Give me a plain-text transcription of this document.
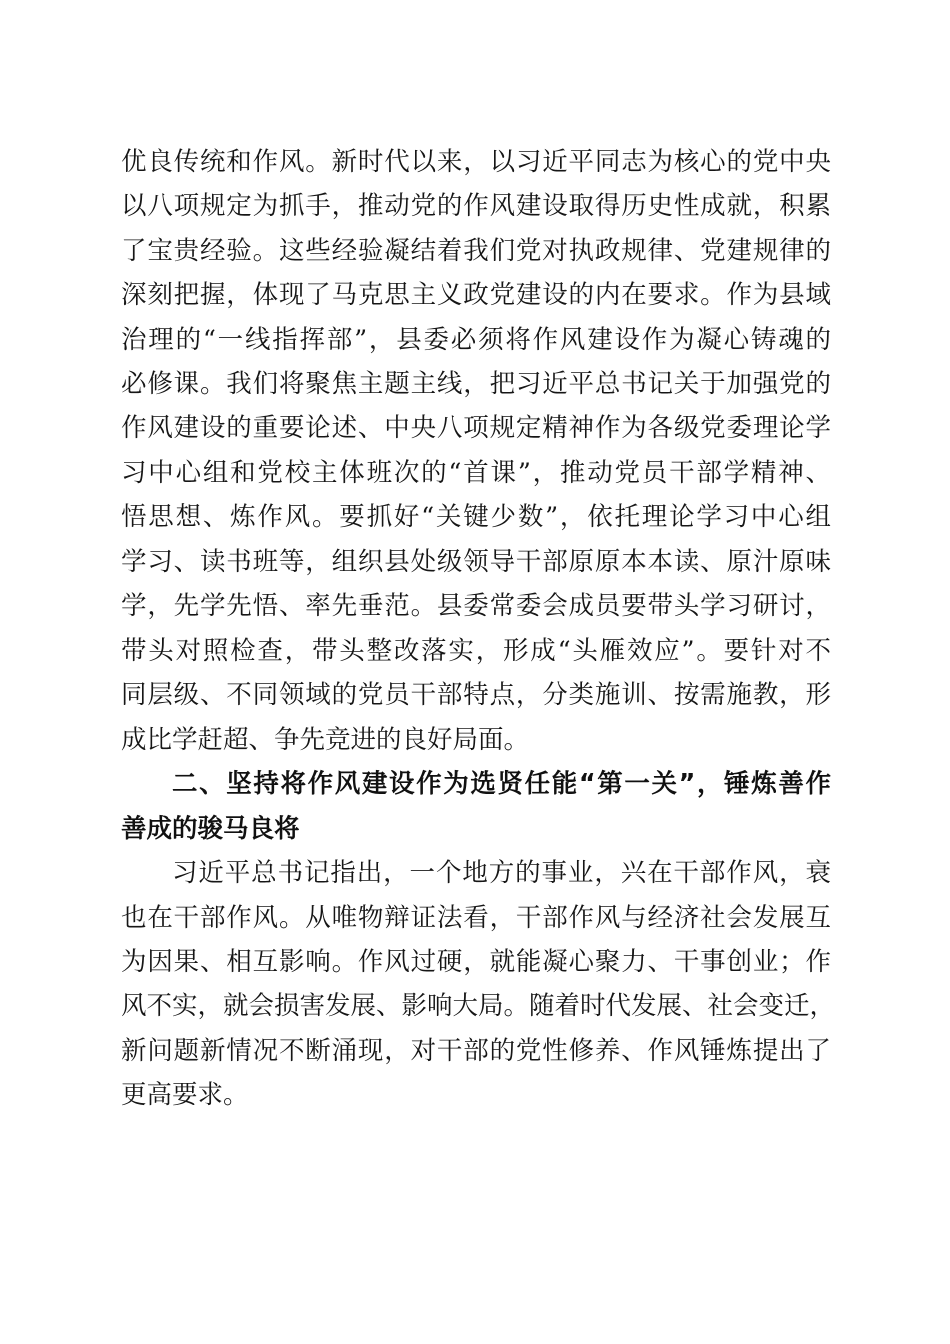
优良传统和作风。新时代以来，以习近平同志为核心的党中央
以八项规定为抓手，推动党的作风建设取得历史性成就，积累
了宝贵经验。这些经验凝结着我们党对执政规律、党建规律的
深刻把握，体现了马克思主义政党建设的内在要求。作为县域
治理的“一线指挥部”，县委必须将作风建设作为凝心铸魂的
必修课。我们将聚焦主题主线，把习近平总书记关于加强党的
作风建设的重要论述、中央八项规定精神作为各级党委理论学
习中心组和党校主体班次的“首课”，推动党员干部学精神、
悟思想、炼作风。要抓好“关键少数”，依托理论学习中心组
学习、读书班等，组织县处级领导干部原原本本读、原汁原味
学，先学先悟、率先垂范。县委常委会成员要带头学习研讨，
带头对照检查，带头整改落实，形成“头雁效应”。要针对不
同层级、不同领域的党员干部特点，分类施训、按需施教，形
成比学赶超、争先竞进的良好局面。
二、坚持将作风建设作为选贤任能“第一关”，锤炼善作
善成的骏马良将
习近平总书记指出，一个地方的事业，兴在干部作风，衰
也在干部作风。从唯物辩证法看，干部作风与经济社会发展互
为因果、相互影响。作风过硬，就能凝心聚力、干事创业；作
风不实，就会损害发展、影响大局。随着时代发展、社会变迁，
新问题新情况不断涌现，对干部的党性修养、作风锤炼提出了
更高要求。
